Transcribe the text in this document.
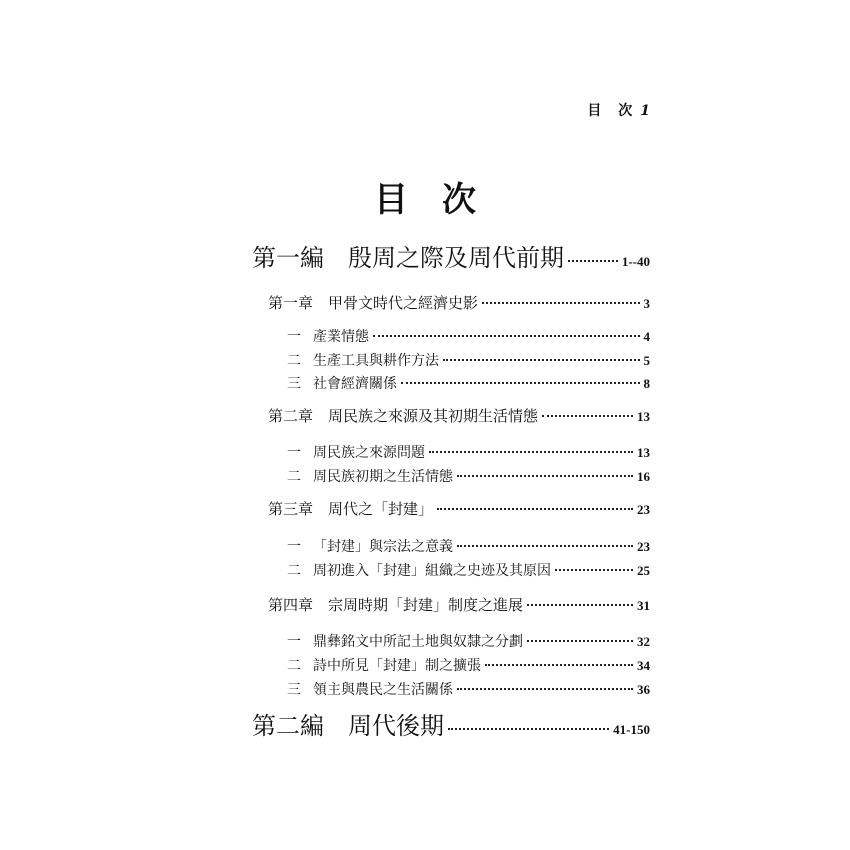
目 次 1
目 次
第一編　殷周之際及周代前期	1--40
第一章　甲骨文時代之經濟史影	3
一 產業情態	4
二 生產工具與耕作方法	5
三 社會經濟關係	8
第二章　周民族之來源及其初期生活情態	13
一 周民族之來源問題	13
二 周民族初期之生活情態	16
第三章　周代之「封建」	23
一 「封建」與宗法之意義	23
二 周初進入「封建」組織之史迹及其原因	25
第四章　宗周時期「封建」制度之進展	31
一 鼎彝銘文中所記土地與奴隸之分劃	32
二 詩中所見「封建」制之擴張	34
三 領主與農民之生活關係	36
第二編　周代後期	41-150
